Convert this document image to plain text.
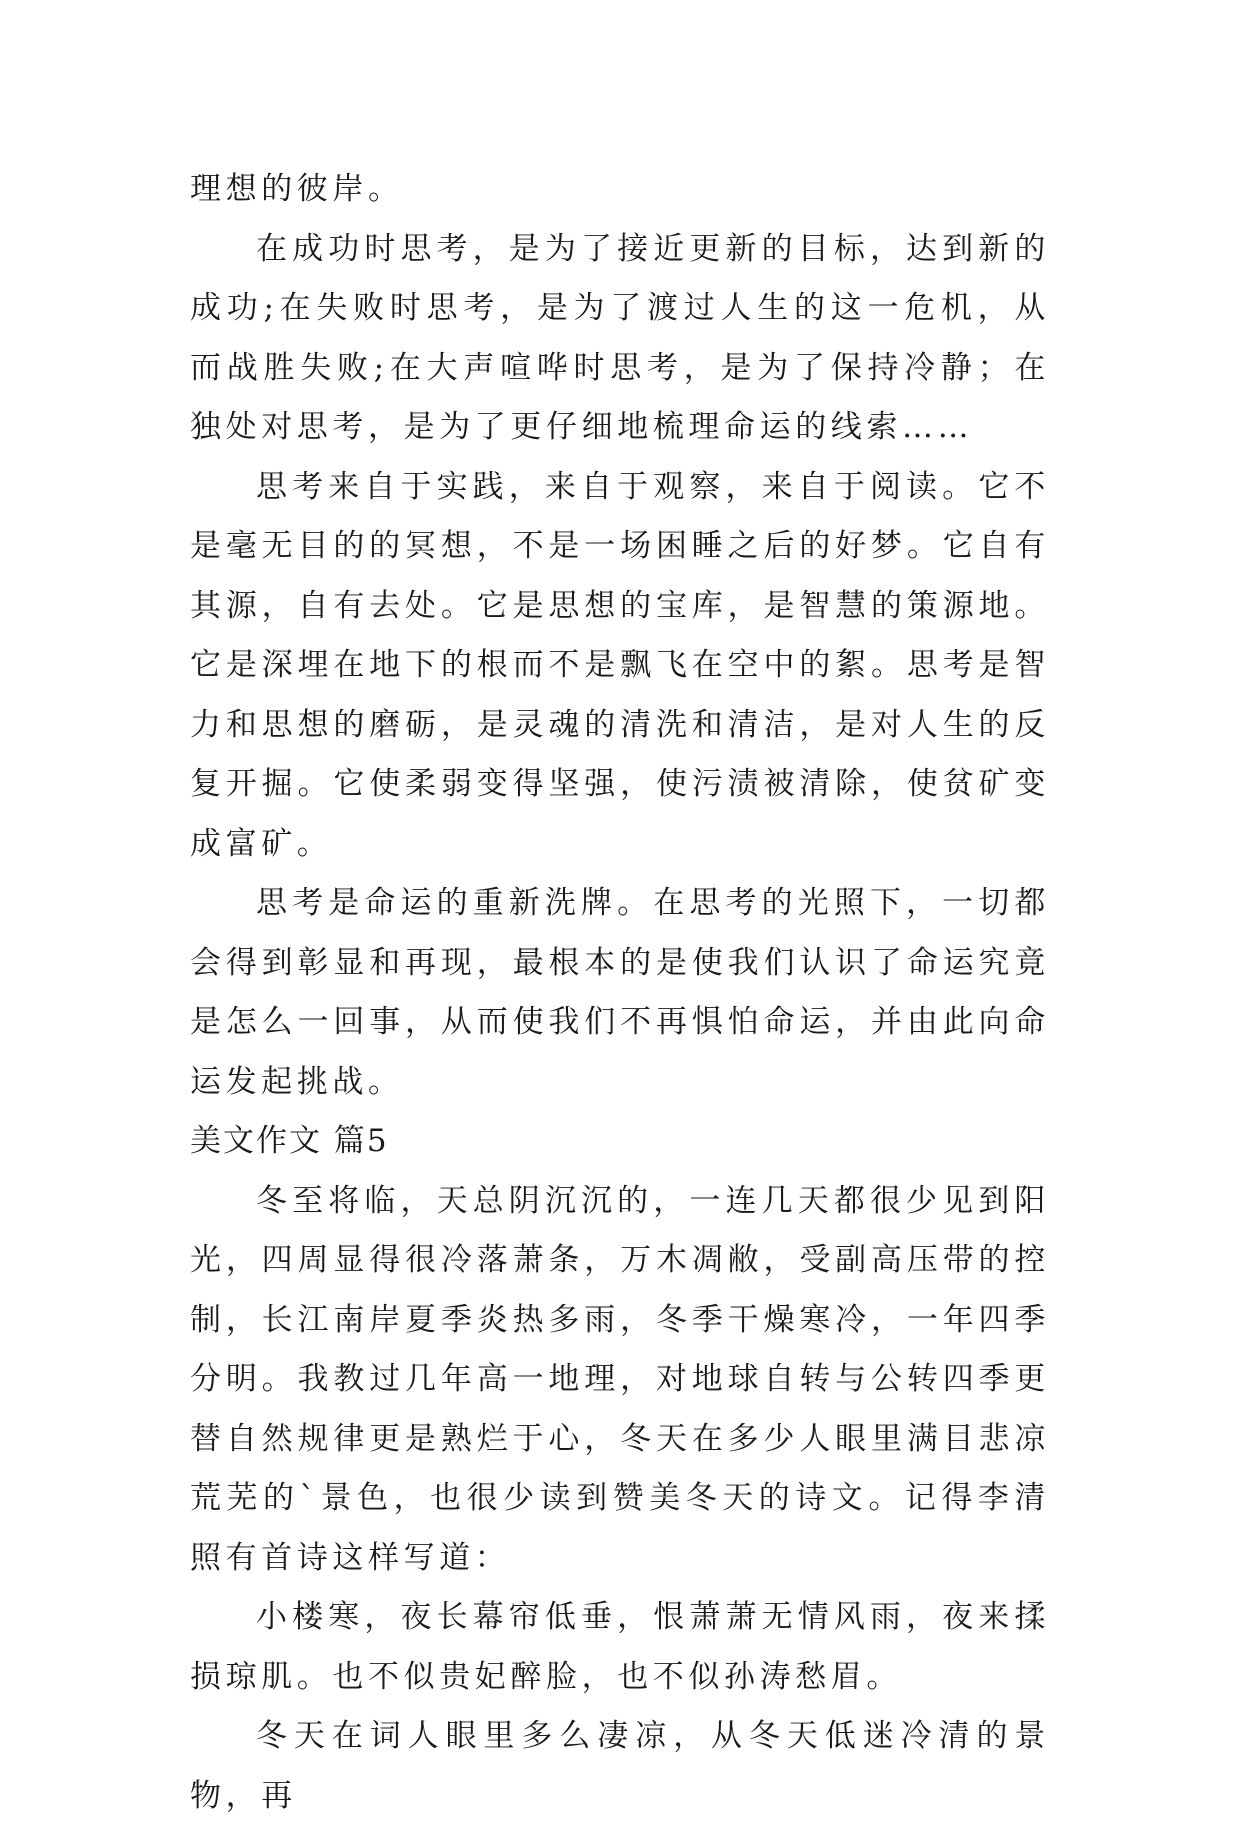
理想的彼岸。

在成功时思考，是为了接近更新的目标，达到新的成功;在失败时思考，是为了渡过人生的这一危机，从而战胜失败;在大声喧哗时思考，是为了保持冷静；在独处对思考，是为了更仔细地梳理命运的线索……

思考来自于实践，来自于观察，来自于阅读。它不是毫无目的的冥想，不是一场困睡之后的好梦。它自有其源，自有去处。它是思想的宝库，是智慧的策源地。它是深埋在地下的根而不是飘飞在空中的絮。思考是智力和思想的磨砺，是灵魂的清洗和清洁，是对人生的反复开掘。它使柔弱变得坚强，使污渍被清除，使贫矿变成富矿。

思考是命运的重新洗牌。在思考的光照下，一切都会得到彰显和再现，最根本的是使我们认识了命运究竟是怎么一回事，从而使我们不再惧怕命运，并由此向命运发起挑战。

美文作文 篇5

冬至将临，天总阴沉沉的，一连几天都很少见到阳光，四周显得很冷落萧条，万木凋敝，受副高压带的控制，长江南岸夏季炎热多雨，冬季干燥寒冷，一年四季分明。我教过几年高一地理，对地球自转与公转四季更替自然规律更是熟烂于心，冬天在多少人眼里满目悲凉荒芜的`景色，也很少读到赞美冬天的诗文。记得李清照有首诗这样写道：

小楼寒，夜长幕帘低垂，恨萧萧无情风雨，夜来揉损琼肌。也不似贵妃醉脸，也不似孙涛愁眉。

冬天在词人眼里多么凄凉，从冬天低迷冷清的景物，再
